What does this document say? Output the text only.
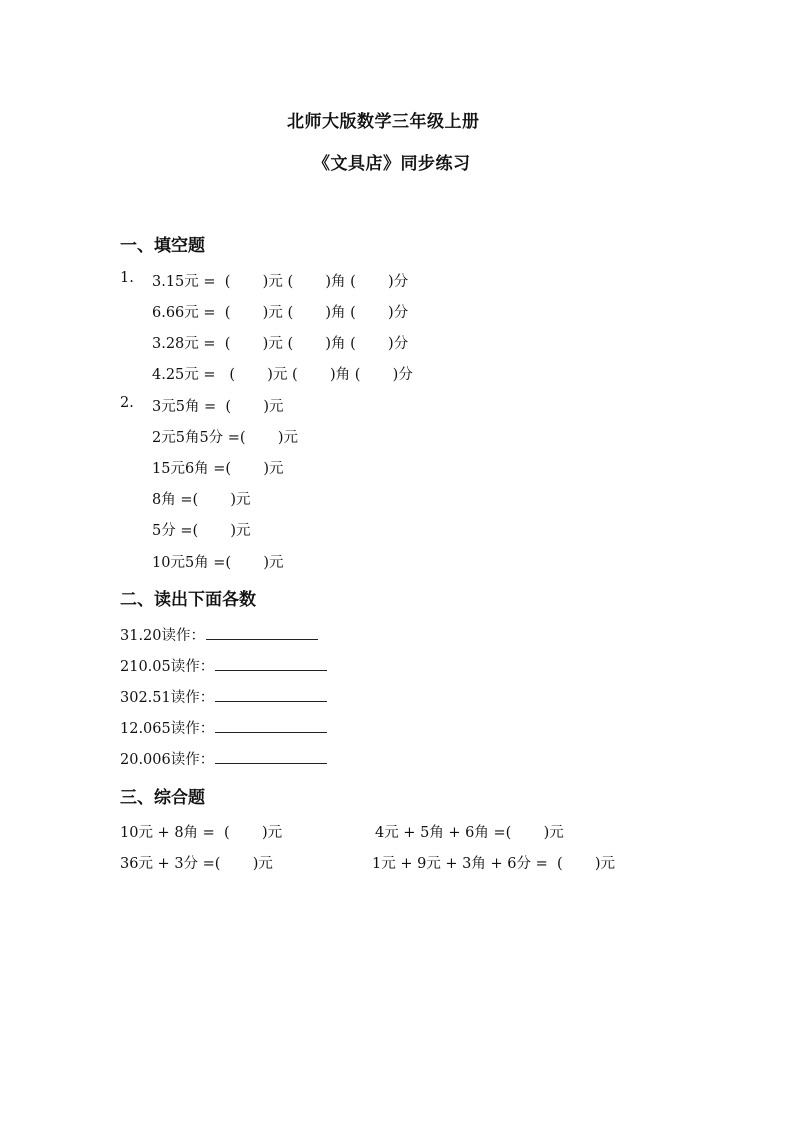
北师大版数学三年级上册
《文具店》同步练习
一、填空题
1. 3.15元 =  (       )元 (       )角 (       )分
6.66元 =  (       )元 (       )角 (       )分
3.28元 =  (       )元 (       )角 (       )分
4.25元 =   (       )元 (       )角 (       )分
2. 3元5角 =  (       )元
2元5角5分 =(       )元
15元6角 =(       )元
8角 =(       )元
5分 =(       )元
10元5角 =(       )元
二、读出下面各数
31.20读作：
210.05读作：
302.51读作：
12.065读作：
20.006读作：
三、综合题
10元 + 8角 =  (       )元	4元 + 5角 + 6角 =(       )元
36元 + 3分 =(       )元	1元 + 9元 + 3角 + 6分 =  (       )元
